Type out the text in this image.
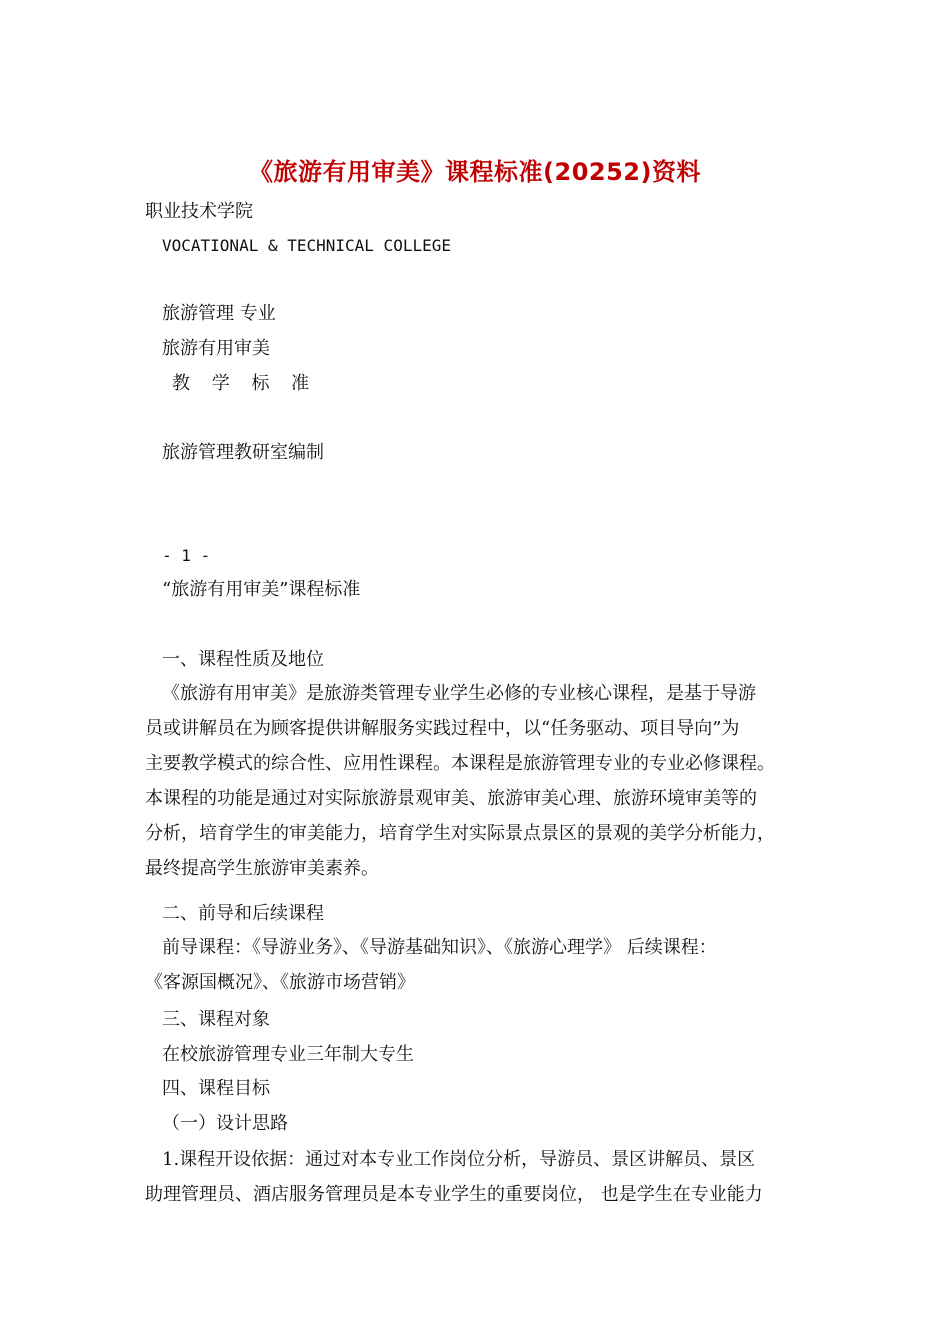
《旅游有用审美》课程标准(20252)资料
职业技术学院
VOCATIONAL & TECHNICAL COLLEGE
旅游管理 专业
旅游有用审美
教 学 标 准
旅游管理教研室编制
- 1 -
“旅游有用审美”课程标准
一、课程性质及地位
《旅游有用审美》是旅游类管理专业学生必修的专业核心课程，是基于导游
员或讲解员在为顾客提供讲解服务实践过程中，以“任务驱动、项目导向”为
主要教学模式的综合性、应用性课程。本课程是旅游管理专业的专业必修课程。
本课程的功能是通过对实际旅游景观审美、旅游审美心理、旅游环境审美等的
分析，培育学生的审美能力，培育学生对实际景点景区的景观的美学分析能力，
最终提高学生旅游审美素养。
二、前导和后续课程
前导课程：《导游业务》、《导游基础知识》、《旅游心理学》 后续课程：
《客源国概况》、《旅游市场营销》
三、课程对象
在校旅游管理专业三年制大专生
四、课程目标
（一）设计思路
1.课程开设依据：通过对本专业工作岗位分析，导游员、景区讲解员、景区
助理管理员、酒店服务管理员是本专业学生的重要岗位， 也是学生在专业能力
